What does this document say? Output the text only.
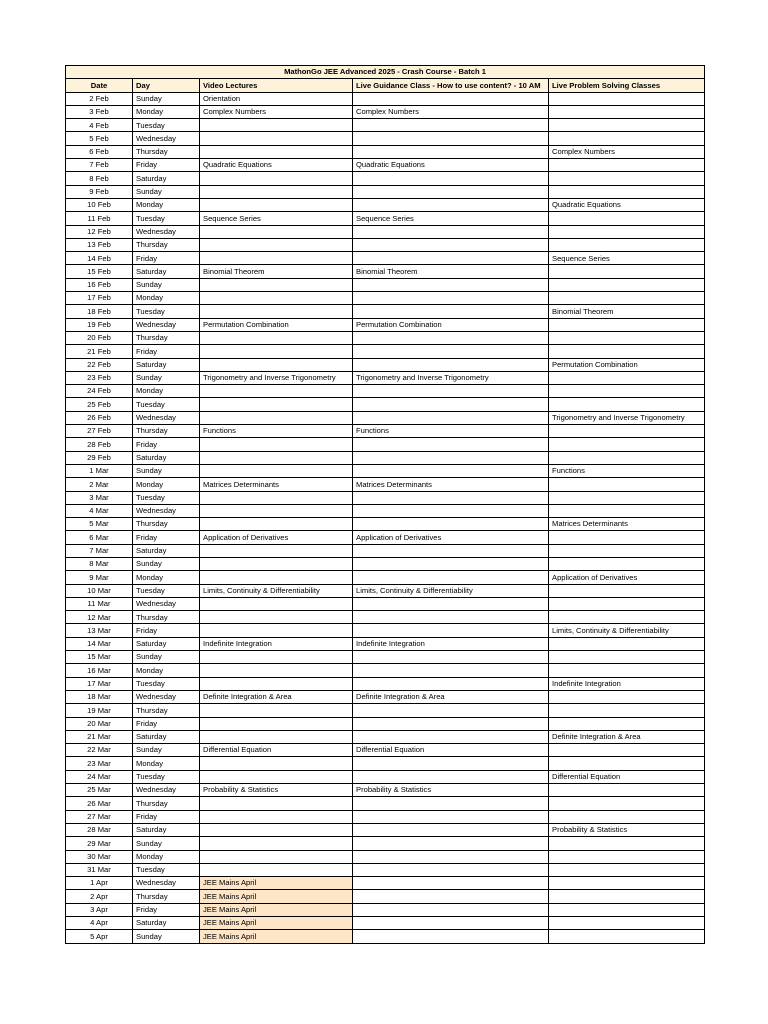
MathonGo JEE Advanced 2025 - Crash Course - Batch 1				
Date	Day	Video Lectures	Live Guidance Class - How to use content? - 10 AM	Live Problem Solving Classes
2 Feb	Sunday	Orientation		
3 Feb	Monday	Complex Numbers	Complex Numbers	
4 Feb	Tuesday			
5 Feb	Wednesday			
6 Feb	Thursday			Complex Numbers
7 Feb	Friday	Quadratic Equations	Quadratic Equations	
8 Feb	Saturday			
9 Feb	Sunday			
10 Feb	Monday			Quadratic Equations
11 Feb	Tuesday	Sequence Series	Sequence Series	
12 Feb	Wednesday			
13 Feb	Thursday			
14 Feb	Friday			Sequence Series
15 Feb	Saturday	Binomial Theorem	Binomial Theorem	
16 Feb	Sunday			
17 Feb	Monday			
18 Feb	Tuesday			Binomial Theorem
19 Feb	Wednesday	Permutation Combination	Permutation Combination	
20 Feb	Thursday			
21 Feb	Friday			
22 Feb	Saturday			Permutation Combination
23 Feb	Sunday	Trigonometry and Inverse Trigonometry	Trigonometry and Inverse Trigonometry	
24 Feb	Monday			
25 Feb	Tuesday			
26 Feb	Wednesday			Trigonometry and Inverse Trigonometry
27 Feb	Thursday	Functions	Functions	
28 Feb	Friday			
29 Feb	Saturday			
1 Mar	Sunday			Functions
2 Mar	Monday	Matrices Determinants	Matrices Determinants	
3 Mar	Tuesday			
4 Mar	Wednesday			
5 Mar	Thursday			Matrices Determinants
6 Mar	Friday	Application of Derivatives	Application of Derivatives	
7 Mar	Saturday			
8 Mar	Sunday			
9 Mar	Monday			Application of Derivatives
10 Mar	Tuesday	Limits, Continuity & Differentiability	Limits, Continuity & Differentiability	
11 Mar	Wednesday			
12 Mar	Thursday			
13 Mar	Friday			Limits, Continuity & Differentiability
14 Mar	Saturday	Indefinite Integration	Indefinite Integration	
15 Mar	Sunday			
16 Mar	Monday			
17 Mar	Tuesday			Indefinite Integration
18 Mar	Wednesday	Definite Integration & Area	Definite Integration & Area	
19 Mar	Thursday			
20 Mar	Friday			
21 Mar	Saturday			Definite Integration & Area
22 Mar	Sunday	Differential Equation	Differential Equation	
23 Mar	Monday			
24 Mar	Tuesday			Differential Equation
25 Mar	Wednesday	Probability & Statistics	Probability & Statistics	
26 Mar	Thursday			
27 Mar	Friday			
28 Mar	Saturday			Probability & Statistics
29 Mar	Sunday			
30 Mar	Monday			
31 Mar	Tuesday			
1 Apr	Wednesday	JEE Mains April		
2 Apr	Thursday	JEE Mains April		
3 Apr	Friday	JEE Mains April		
4 Apr	Saturday	JEE Mains April		
5 Apr	Sunday	JEE Mains April		
